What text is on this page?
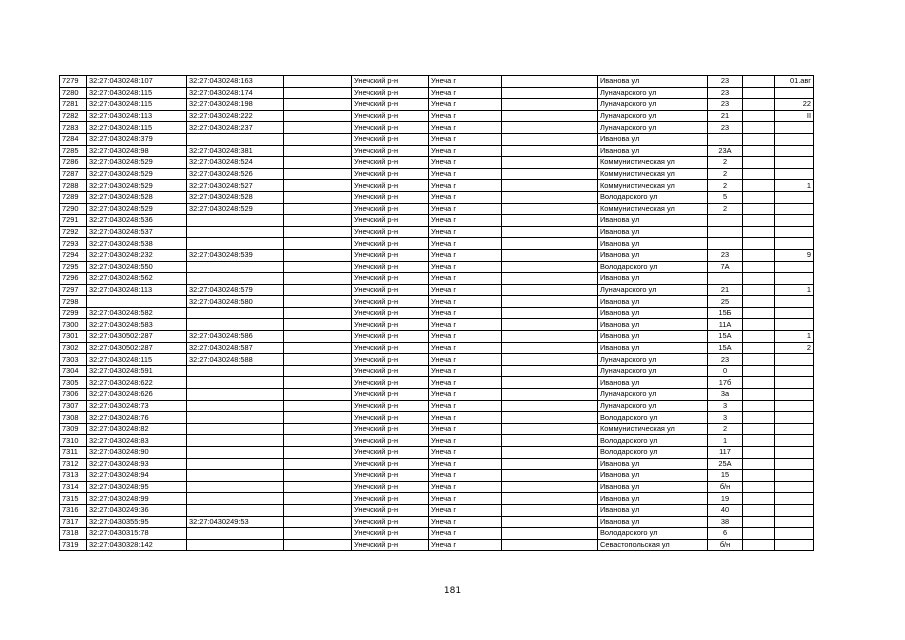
7279	32:27:0430248:107	32:27:0430248:163		Унечский р-н	Унеча г		Иванова ул	23		01.авг
7280	32:27:0430248:115	32:27:0430248:174		Унечский р-н	Унеча г		Луначарского ул	23		
7281	32:27:0430248:115	32:27:0430248:198		Унечский р-н	Унеча г		Луначарского ул	23		22
7282	32:27:0430248:113	32:27:0430248:222		Унечский р-н	Унеча г		Луначарского ул	21		II
7283	32:27:0430248:115	32:27:0430248:237		Унечский р-н	Унеча г		Луначарского ул	23		
7284	32:27:0430248:379			Унечский р-н	Унеча г		Иванова ул			
7285	32:27:0430248:98	32:27:0430248:381		Унечский р-н	Унеча г		Иванова ул	23А		
7286	32:27:0430248:529	32:27:0430248:524		Унечский р-н	Унеча г		Коммунистическая ул	2		
7287	32:27:0430248:529	32:27:0430248:526		Унечский р-н	Унеча г		Коммунистическая ул	2		
7288	32:27:0430248:529	32:27:0430248:527		Унечский р-н	Унеча г		Коммунистическая ул	2		1
7289	32:27:0430248:528	32:27:0430248:528		Унечский р-н	Унеча г		Володарского ул	5		
7290	32:27:0430248:529	32:27:0430248:529		Унечский р-н	Унеча г		Коммунистическая ул	2		
7291	32:27:0430248:536			Унечский р-н	Унеча г		Иванова ул			
7292	32:27:0430248:537			Унечский р-н	Унеча г		Иванова ул			
7293	32:27:0430248:538			Унечский р-н	Унеча г		Иванова ул			
7294	32:27:0430248:232	32:27:0430248:539		Унечский р-н	Унеча г		Иванова ул	23		9
7295	32:27:0430248:550			Унечский р-н	Унеча г		Володарского ул	7А		
7296	32:27:0430248:562			Унечский р-н	Унеча г		Иванова ул			
7297	32:27:0430248:113	32:27:0430248:579		Унечский р-н	Унеча г		Луначарского ул	21		1
7298		32:27:0430248:580		Унечский р-н	Унеча г		Иванова ул	25		
7299	32:27:0430248:582			Унечский р-н	Унеча г		Иванова ул	15Б		
7300	32:27:0430248:583			Унечский р-н	Унеча г		Иванова ул	11А		
7301	32:27:0430502:287	32:27:0430248:586		Унечский р-н	Унеча г		Иванова ул	15А		1
7302	32:27:0430502:287	32:27:0430248:587		Унечский р-н	Унеча г		Иванова ул	15А		2
7303	32:27:0430248:115	32:27:0430248:588		Унечский р-н	Унеча г		Луначарского ул	23		
7304	32:27:0430248:591			Унечский р-н	Унеча г		Луначарского ул	0		
7305	32:27:0430248:622			Унечский р-н	Унеча г		Иванова ул	17б		
7306	32:27:0430248:626			Унечский р-н	Унеча г		Луначарского ул	3а		
7307	32:27:0430248:73			Унечский р-н	Унеча г		Луначарского ул	3		
7308	32:27:0430248:76			Унечский р-н	Унеча г		Володарского ул	3		
7309	32:27:0430248:82			Унечский р-н	Унеча г		Коммунистическая ул	2		
7310	32:27:0430248:83			Унечский р-н	Унеча г		Володарского ул	1		
7311	32:27:0430248:90			Унечский р-н	Унеча г		Володарского ул	117		
7312	32:27:0430248:93			Унечский р-н	Унеча г		Иванова ул	25А		
7313	32:27:0430248:94			Унечский р-н	Унеча г		Иванова ул	15		
7314	32:27:0430248:95			Унечский р-н	Унеча г		Иванова ул	б/н		
7315	32:27:0430248:99			Унечский р-н	Унеча г		Иванова ул	19		
7316	32:27:0430249:36			Унечский р-н	Унеча г		Иванова ул	40		
7317	32:27:0430355:95	32:27:0430249:53		Унечский р-н	Унеча г		Иванова ул	38		
7318	32:27:0430315:78			Унечский р-н	Унеча г		Володарского ул	6		
7319	32:27:0430328:142			Унечский р-н	Унеча г		Севастопольская ул	б/н		
181
